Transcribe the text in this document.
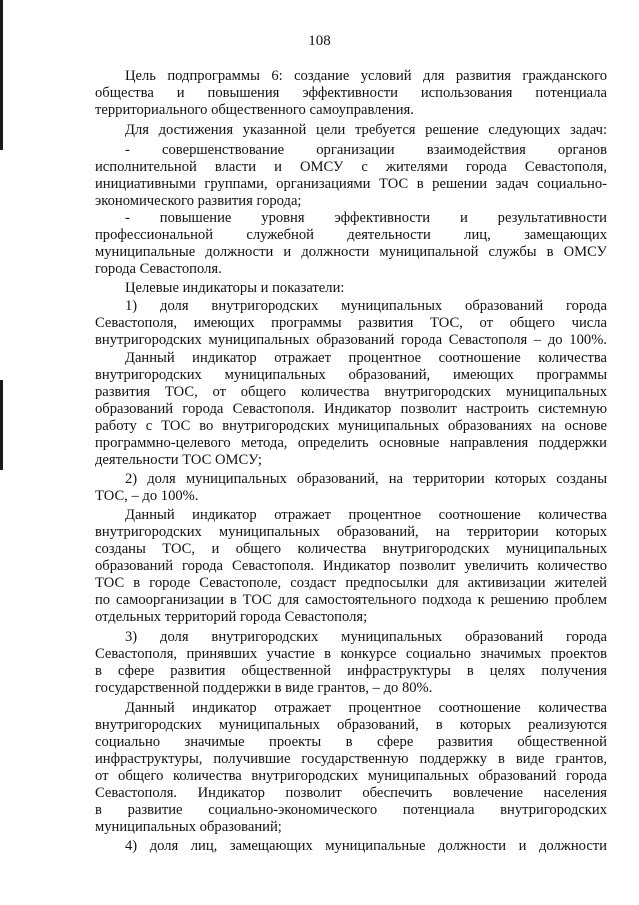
108
Цель подпрограммы 6: создание условий для развития гражданского
общества и повышения эффективности использования потенциала
территориального общественного самоуправления.
Для достижения указанной цели требуется решение следующих задач:
- совершенствование организации взаимодействия органов
исполнительной власти и ОМСУ с жителями города Севастополя,
инициативными группами, организациями ТОС в решении задач социально-
экономического развития города;
- повышение уровня эффективности и результативности
профессиональной служебной деятельности лиц, замещающих
муниципальные должности и должности муниципальной службы в ОМСУ
города Севастополя.
Целевые индикаторы и показатели:
1) доля внутригородских муниципальных образований города
Севастополя, имеющих программы развития ТОС, от общего числа
внутригородских муниципальных образований города Севастополя – до 100%.
Данный индикатор отражает процентное соотношение количества
внутригородских муниципальных образований, имеющих программы
развития ТОС, от общего количества внутригородских муниципальных
образований города Севастополя. Индикатор позволит настроить системную
работу с ТОС во внутригородских муниципальных образованиях на основе
программно-целевого метода, определить основные направления поддержки
деятельности ТОС ОМСУ;
2) доля муниципальных образований, на территории которых созданы
ТОС, – до 100%.
Данный индикатор отражает процентное соотношение количества
внутригородских муниципальных образований, на территории которых
созданы ТОС, и общего количества внутригородских муниципальных
образований города Севастополя. Индикатор позволит увеличить количество
ТОС в городе Севастополе, создаст предпосылки для активизации жителей
по самоорганизации в ТОС для самостоятельного подхода к решению проблем
отдельных территорий города Севастополя;
3) доля внутригородских муниципальных образований города
Севастополя, принявших участие в конкурсе социально значимых проектов
в сфере развития общественной инфраструктуры в целях получения
государственной поддержки в виде грантов, – до 80%.
Данный индикатор отражает процентное соотношение количества
внутригородских муниципальных образований, в которых реализуются
социально значимые проекты в сфере развития общественной
инфраструктуры, получившие государственную поддержку в виде грантов,
от общего количества внутригородских муниципальных образований города
Севастополя. Индикатор позволит обеспечить вовлечение населения
в развитие социально-экономического потенциала внутригородских
муниципальных образований;
4) доля лиц, замещающих муниципальные должности и должности
